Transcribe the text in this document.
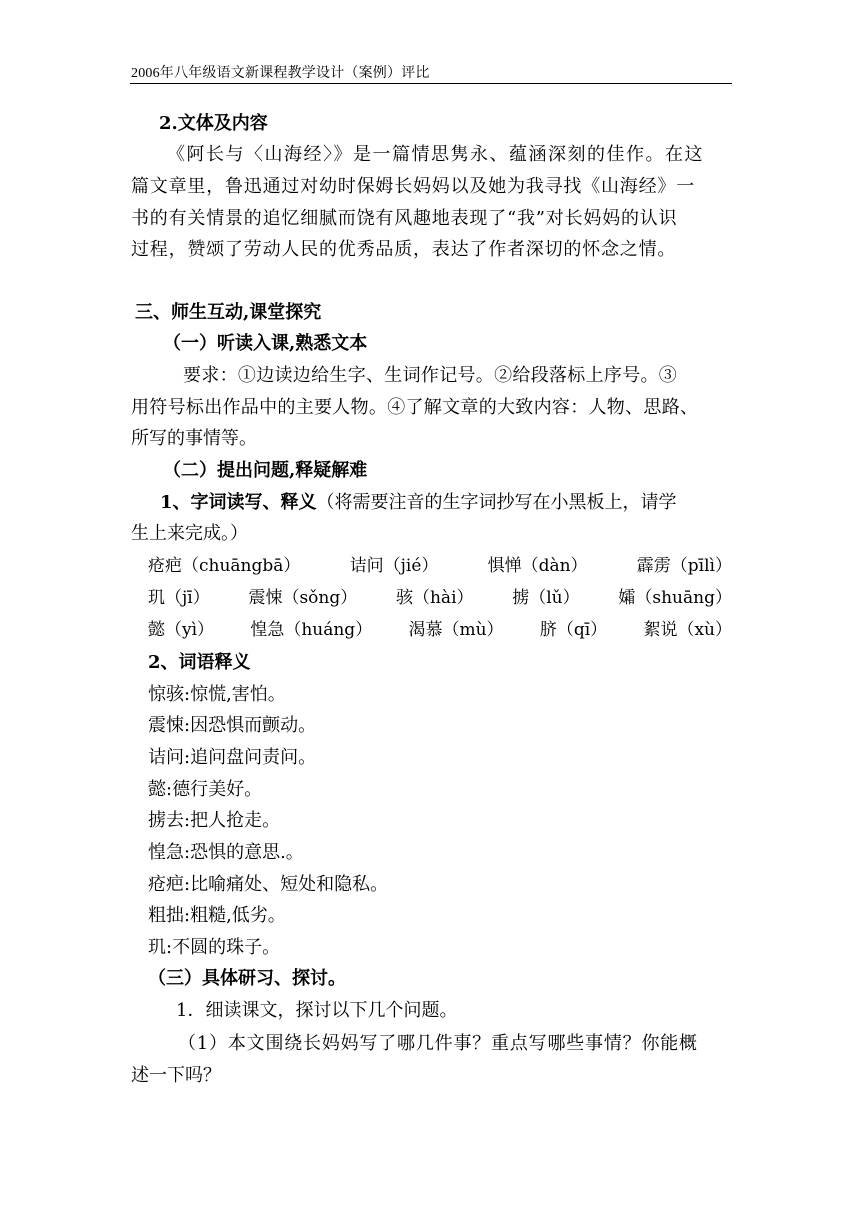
2006年八年级语文新课程教学设计（案例）评比
2.文体及内容
《阿长与〈山海经〉》是一篇情思隽永、蕴涵深刻的佳作。在这
篇文章里，鲁迅通过对幼时保姆长妈妈以及她为我寻找《山海经》一
书的有关情景的追忆细腻而饶有风趣地表现了“我”对长妈妈的认识
过程，赞颂了劳动人民的优秀品质，表达了作者深切的怀念之情。
三、师生互动,课堂探究
（一）听读入课,熟悉文本
要求：①边读边给生字、生词作记号。②给段落标上序号。③
用符号标出作品中的主要人物。④了解文章的大致内容：人物、思路、
所写的事情等。
（二）提出问题,释疑解难
1、字词读写、释义（将需要注音的生字词抄写在小黑板上，请学
生上来完成。）
疮疤（chuāngbā）	诘问（jié）	惧惮（dàn）	霹雳（pīlì）
玑（jī） 震悚（sǒng） 骇（hài） 掳（lǔ） 孀（shuāng）
懿（yì） 惶急（huáng） 渴慕（mù） 脐（qī） 絮说（xù）
2、词语释义
惊骇:惊慌,害怕。
震悚:因恐惧而颤动。
诘问:追问盘问责问。
懿:德行美好。
掳去:把人抢走。
惶急:恐惧的意思.。
疮疤:比喻痛处、短处和隐私。
粗拙:粗糙,低劣。
玑:不圆的珠子。
（三）具体研习、探讨。
1．细读课文，探讨以下几个问题。
（1）本文围绕长妈妈写了哪几件事？重点写哪些事情？你能概
述一下吗？
